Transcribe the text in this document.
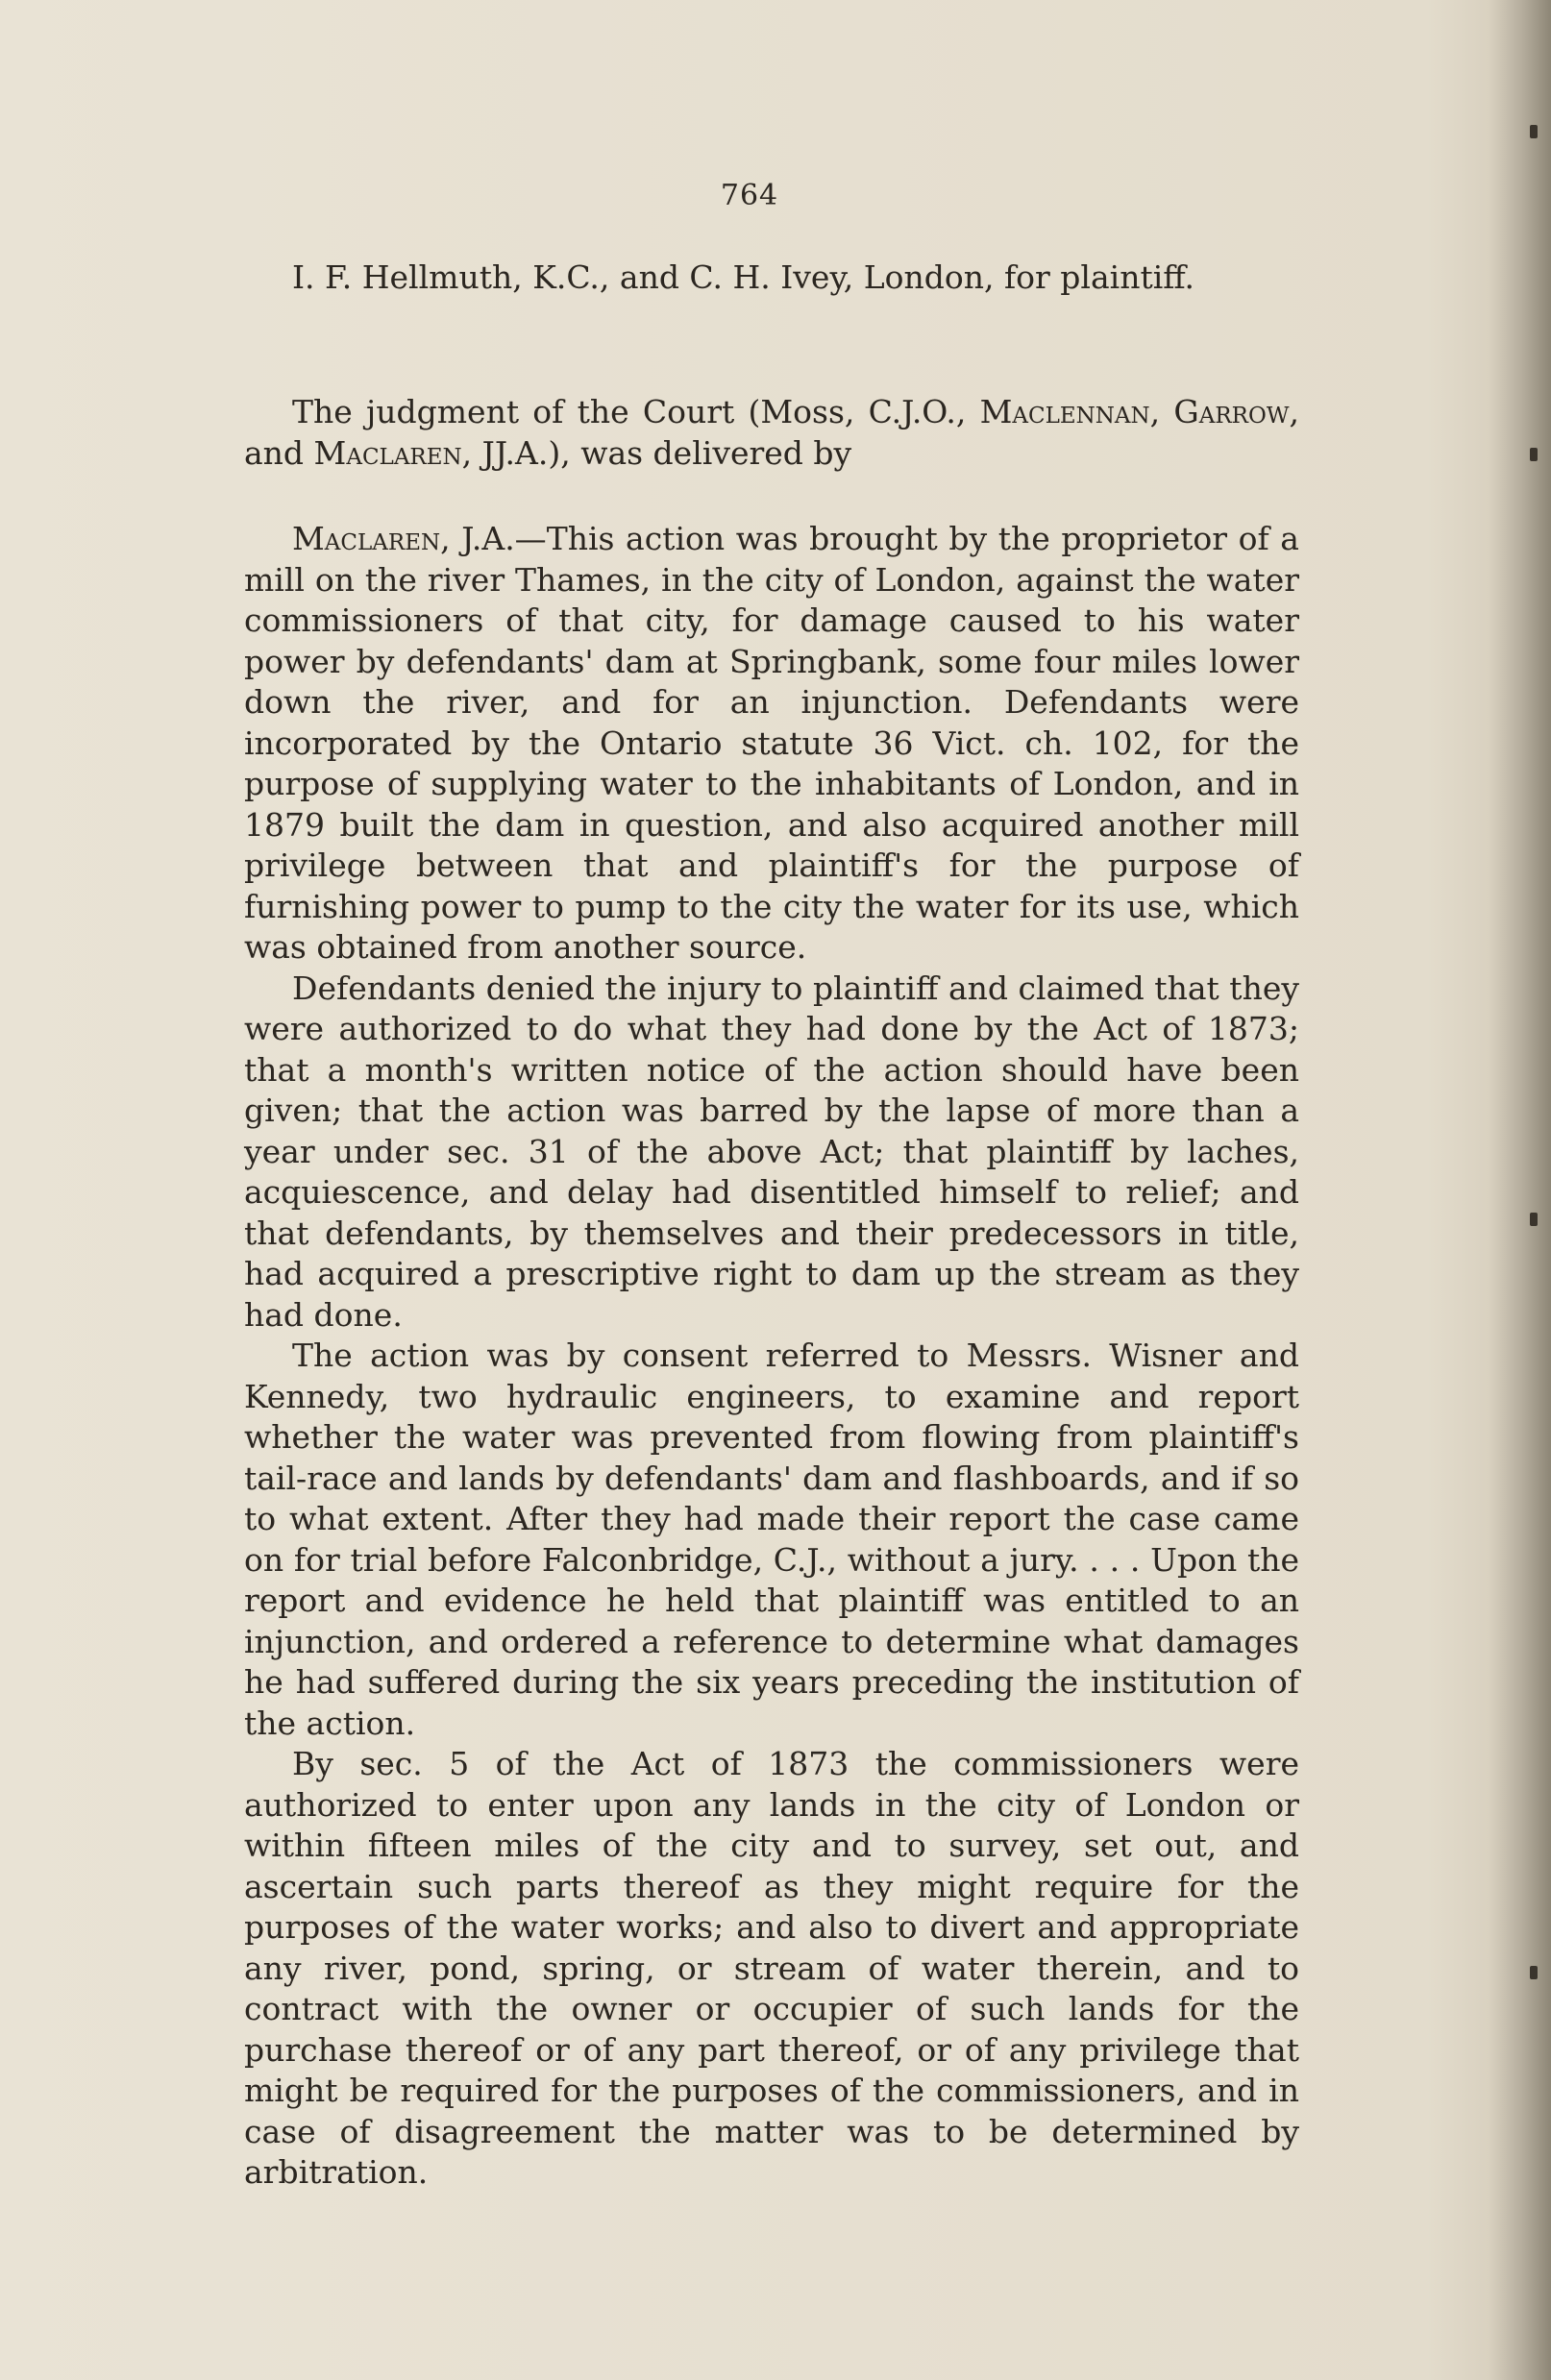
764

I. F. Hellmuth, K.C., and C. H. Ivey, London, for plaintiff.

The judgment of the Court (Moss, C.J.O., Maclennan, Garrow, and Maclaren, JJ.A.), was delivered by

Maclaren, J.A.—This action was brought by the proprietor of a mill on the river Thames, in the city of London, against the water commissioners of that city, for damage caused to his water power by defendants' dam at Springbank, some four miles lower down the river, and for an injunction. Defendants were incorporated by the Ontario statute 36 Vict. ch. 102, for the purpose of supplying water to the inhabitants of London, and in 1879 built the dam in question, and also acquired another mill privilege between that and plaintiff's for the purpose of furnishing power to pump to the city the water for its use, which was obtained from another source.

Defendants denied the injury to plaintiff and claimed that they were authorized to do what they had done by the Act of 1873; that a month's written notice of the action should have been given; that the action was barred by the lapse of more than a year under sec. 31 of the above Act; that plaintiff by laches, acquiescence, and delay had disentitled himself to relief; and that defendants, by themselves and their predecessors in title, had acquired a prescriptive right to dam up the stream as they had done.

The action was by consent referred to Messrs. Wisner and Kennedy, two hydraulic engineers, to examine and report whether the water was prevented from flowing from plaintiff's tail-race and lands by defendants' dam and flashboards, and if so to what extent. After they had made their report the case came on for trial before Falconbridge, C.J., without a jury. . . . Upon the report and evidence he held that plaintiff was entitled to an injunction, and ordered a reference to determine what damages he had suffered during the six years preceding the institution of the action.

By sec. 5 of the Act of 1873 the commissioners were authorized to enter upon any lands in the city of London or within fifteen miles of the city and to survey, set out, and ascertain such parts thereof as they might require for the purposes of the water works; and also to divert and appropriate any river, pond, spring, or stream of water therein, and to contract with the owner or occupier of such lands for the purchase thereof or of any part thereof, or of any privilege that might be required for the purposes of the commissioners, and in case of disagreement the matter was to be determined by arbitration.
